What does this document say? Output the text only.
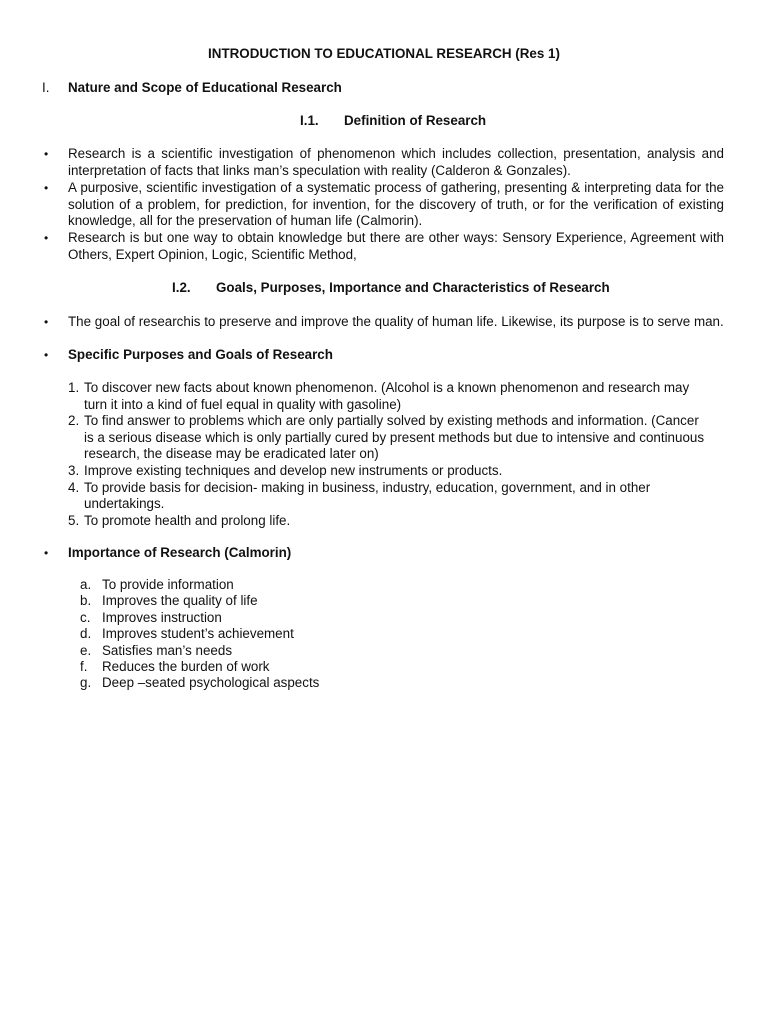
INTRODUCTION TO EDUCATIONAL RESEARCH (Res 1)
I. Nature and Scope of Educational Research
I.1. Definition of Research
• Research is a scientific investigation of phenomenon which includes collection, presentation, analysis and interpretation of facts that links man’s speculation with reality (Calderon & Gonzales).
• A purposive, scientific investigation of a systematic process of gathering, presenting & interpreting data for the solution of a problem, for prediction, for invention, for the discovery of truth, or for the verification of existing knowledge, all for the preservation of human life (Calmorin).
• Research is but one way to obtain knowledge but there are other ways: Sensory Experience, Agreement with Others, Expert Opinion, Logic, Scientific Method,
I.2. Goals, Purposes, Importance and Characteristics of Research
• The goal of researchis to preserve and improve the quality of human life. Likewise, its purpose is to serve man.
• Specific Purposes and Goals of Research
1. To discover new facts about known phenomenon. (Alcohol is a known phenomenon and research may turn it into a kind of fuel equal in quality with gasoline)
2. To find answer to problems which are only partially solved by existing methods and information. (Cancer is a serious disease which is only partially cured by present methods but due to intensive and continuous research, the disease may be eradicated later on)
3. Improve existing techniques and develop new instruments or products.
4. To provide basis for decision- making in business, industry, education, government, and in other undertakings.
5. To promote health and prolong life.
• Importance of Research (Calmorin)
a. To provide information
b. Improves the quality of life
c. Improves instruction
d. Improves student’s achievement
e. Satisfies man’s needs
f. Reduces the burden of work
g. Deep –seated psychological aspects
